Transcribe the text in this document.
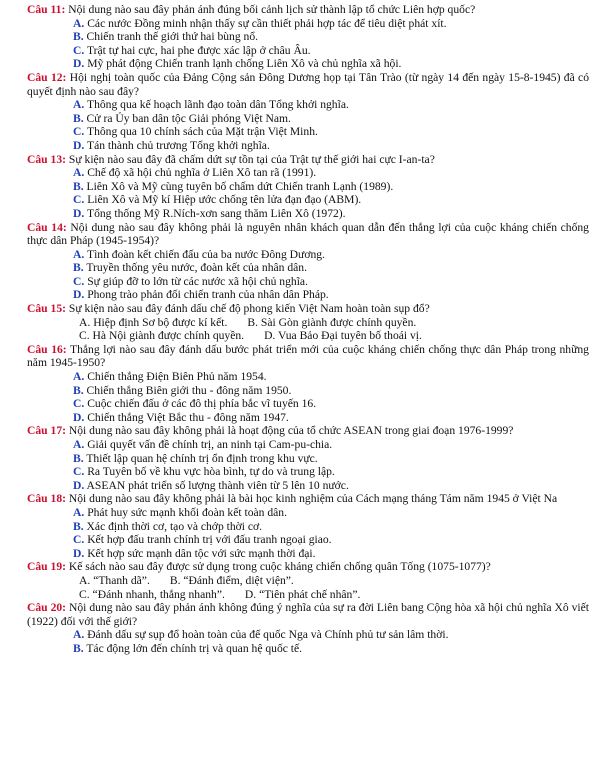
Câu 11: Nội dung nào sau đây phản ánh đúng bối cảnh lịch sử thành lập tổ chức Liên hợp quốc?
A. Các nước Đồng minh nhận thấy sự cần thiết phải hợp tác để tiêu diệt phát xít.
B. Chiến tranh thế giới thứ hai bùng nổ.
C. Trật tự hai cực, hai phe được xác lập ở châu Âu.
D. Mỹ phát động Chiến tranh lạnh chống Liên Xô và chủ nghĩa xã hội.
Câu 12: Hội nghị toàn quốc của Đảng Cộng sản Đông Dương họp tại Tân Trào (từ ngày 14 đến ngày 15-8-1945) đã có quyết định nào sau đây?
A. Thông qua kế hoạch lãnh đạo toàn dân Tổng khởi nghĩa.
B. Cử ra Ủy ban dân tộc Giải phóng Việt Nam.
C. Thông qua 10 chính sách của Mặt trận Việt Minh.
D. Tán thành chủ trương Tổng khởi nghĩa.
Câu 13: Sự kiện nào sau đây đã chấm dứt sự tồn tại của Trật tự thế giới hai cực I-an-ta?
A. Chế độ xã hội chủ nghĩa ở Liên Xô tan rã (1991).
B. Liên Xô và Mỹ cùng tuyên bố chấm dứt Chiến tranh Lạnh (1989).
C. Liên Xô và Mỹ kí Hiệp ước chống tên lửa đạn đạo (ABM).
D. Tổng thống Mỹ R.Ních-xơn sang thăm Liên Xô (1972).
Câu 14: Nội dung nào sau đây không phải là nguyên nhân khách quan dẫn đến thắng lợi của cuộc kháng chiến chống thực dân Pháp (1945-1954)?
A. Tình đoàn kết chiến đấu của ba nước Đông Dương.
B. Truyền thống yêu nước, đoàn kết của nhân dân.
C. Sự giúp đỡ to lớn từ các nước xã hội chủ nghĩa.
D. Phong trào phản đối chiến tranh của nhân dân Pháp.
Câu 15: Sự kiện nào sau đây đánh dấu chế độ phong kiến Việt Nam hoàn toàn sụp đổ?
A. Hiệp định Sơ bộ được kí kết. B. Sài Gòn giành được chính quyền.
C. Hà Nội giành được chính quyền. D. Vua Bảo Đại tuyên bố thoái vị.
Câu 16: Thắng lợi nào sau đây đánh dấu bước phát triển mới của cuộc kháng chiến chống thực dân Pháp trong những năm 1945-1950?
A. Chiến thắng Điện Biên Phủ năm 1954.
B. Chiến thắng Biên giới thu - đông năm 1950.
C. Cuộc chiến đấu ở các đô thị phía bắc vĩ tuyến 16.
D. Chiến thắng Việt Bắc thu - đông năm 1947.
Câu 17: Nội dung nào sau đây không phải là hoạt động của tổ chức ASEAN trong giai đoạn 1976-1999?
A. Giải quyết vấn đề chính trị, an ninh tại Cam-pu-chia.
B. Thiết lập quan hệ chính trị ổn định trong khu vực.
C. Ra Tuyên bố về khu vực hòa bình, tự do và trung lập.
D. ASEAN phát triển số lượng thành viên từ 5 lên 10 nước.
Câu 18: Nội dung nào sau đây không phải là bài học kinh nghiệm của Cách mạng tháng Tám năm 1945 ở Việt Na
A. Phát huy sức mạnh khối đoàn kết toàn dân.
B. Xác định thời cơ, tạo và chớp thời cơ.
C. Kết hợp đấu tranh chính trị với đấu tranh ngoại giao.
D. Kết hợp sức mạnh dân tộc với sức mạnh thời đại.
Câu 19: Kế sách nào sau đây được sử dụng trong cuộc kháng chiến chống quân Tống (1075-1077)?
A. “Thanh dã”. B. “Đánh điểm, diệt viện”.
C. “Đánh nhanh, thắng nhanh”. D. “Tiên phát chế nhân”.
Câu 20: Nội dung nào sau đây phản ánh không đúng ý nghĩa của sự ra đời Liên bang Cộng hòa xã hội chủ nghĩa Xô viết (1922) đối với thế giới?
A. Đánh dấu sự sụp đổ hoàn toàn của đế quốc Nga và Chính phủ tư sản lâm thời.
B. Tác động lớn đến chính trị và quan hệ quốc tế.
